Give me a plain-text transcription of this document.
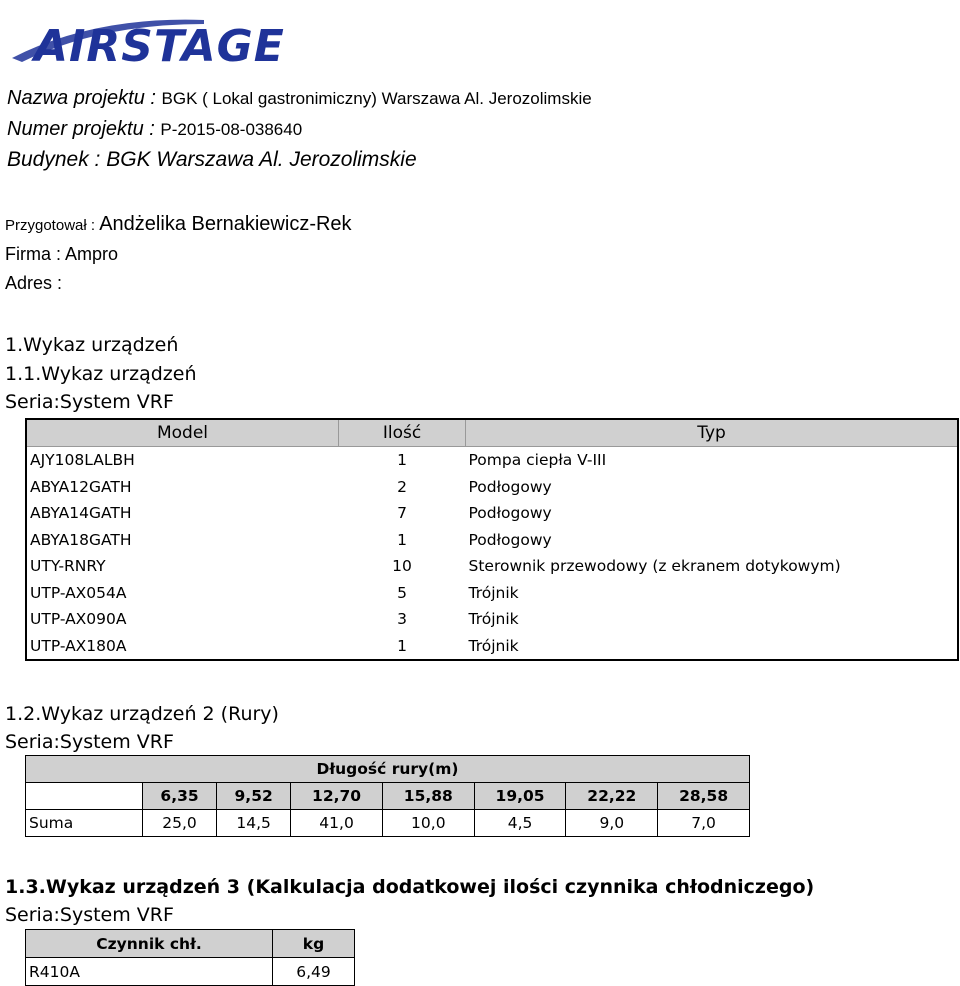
AIRSTAGE
Nazwa projektu : BGK ( Lokal gastronimiczny) Warszawa Al. Jerozolimskie
Numer projektu : P-2015-08-038640
Budynek : BGK Warszawa Al. Jerozolimskie
Przygotował : Andżelika Bernakiewicz-Rek
Firma : Ampro
Adres :
1.Wykaz urządzeń
1.1.Wykaz urządzeń
Seria:System VRF
Model	Ilość	Typ
AJY108LALBH	1	Pompa ciepła V-III
ABYA12GATH	2	Podłogowy
ABYA14GATH	7	Podłogowy
ABYA18GATH	1	Podłogowy
UTY-RNRY	10	Sterownik przewodowy (z ekranem dotykowym)
UTP-AX054A	5	Trójnik
UTP-AX090A	3	Trójnik
UTP-AX180A	1	Trójnik
1.2.Wykaz urządzeń 2 (Rury)
Seria:System VRF
Długość rury(m)							
	6,35	9,52	12,70	15,88	19,05	22,22	28,58
Suma	25,0	14,5	41,0	10,0	4,5	9,0	7,0
1.3.Wykaz urządzeń 3 (Kalkulacja dodatkowej ilości czynnika chłodniczego)
Seria:System VRF
Czynnik chł.	kg
R410A	6,49
